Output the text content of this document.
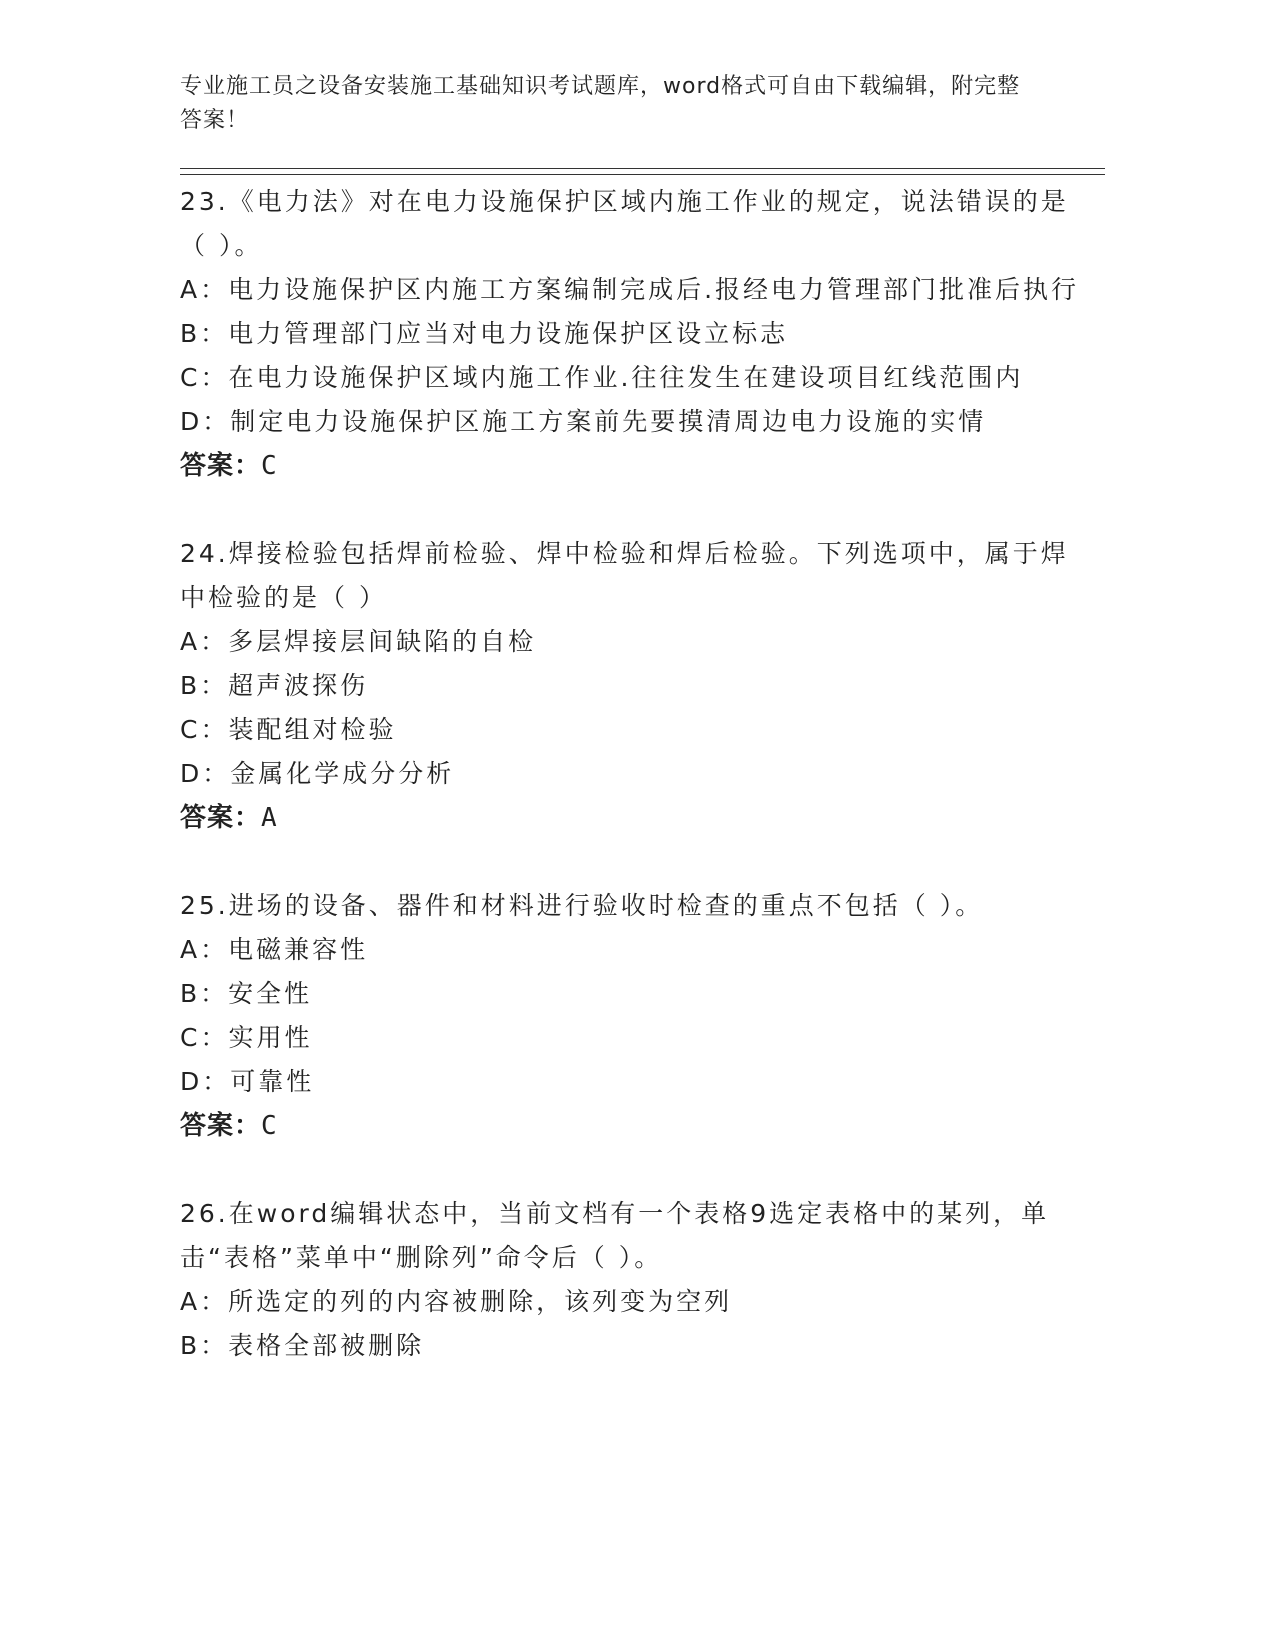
专业施工员之设备安装施工基础知识考试题库，word格式可自由下载编辑，附完整答案！

23.《电力法》对在电力设施保护区域内施工作业的规定，说法错误的是（ ）。

A：电力设施保护区内施工方案编制完成后.报经电力管理部门批准后执行

B：电力管理部门应当对电力设施保护区设立标志

C：在电力设施保护区域内施工作业.往往发生在建设项目红线范围内

D：制定电力设施保护区施工方案前先要摸清周边电力设施的实情

答案：C

24.焊接检验包括焊前检验、焊中检验和焊后检验。下列选项中，属于焊中检验的是（ ）

A：多层焊接层间缺陷的自检

B：超声波探伤

C：装配组对检验

D：金属化学成分分析

答案：A

25.进场的设备、器件和材料进行验收时检查的重点不包括（ ）。

A：电磁兼容性

B：安全性

C：实用性

D：可靠性

答案：C

26.在word编辑状态中，当前文档有一个表格9选定表格中的某列，单击“表格”菜单中“删除列”命令后（ ）。

A：所选定的列的内容被删除，该列变为空列

B：表格全部被删除
